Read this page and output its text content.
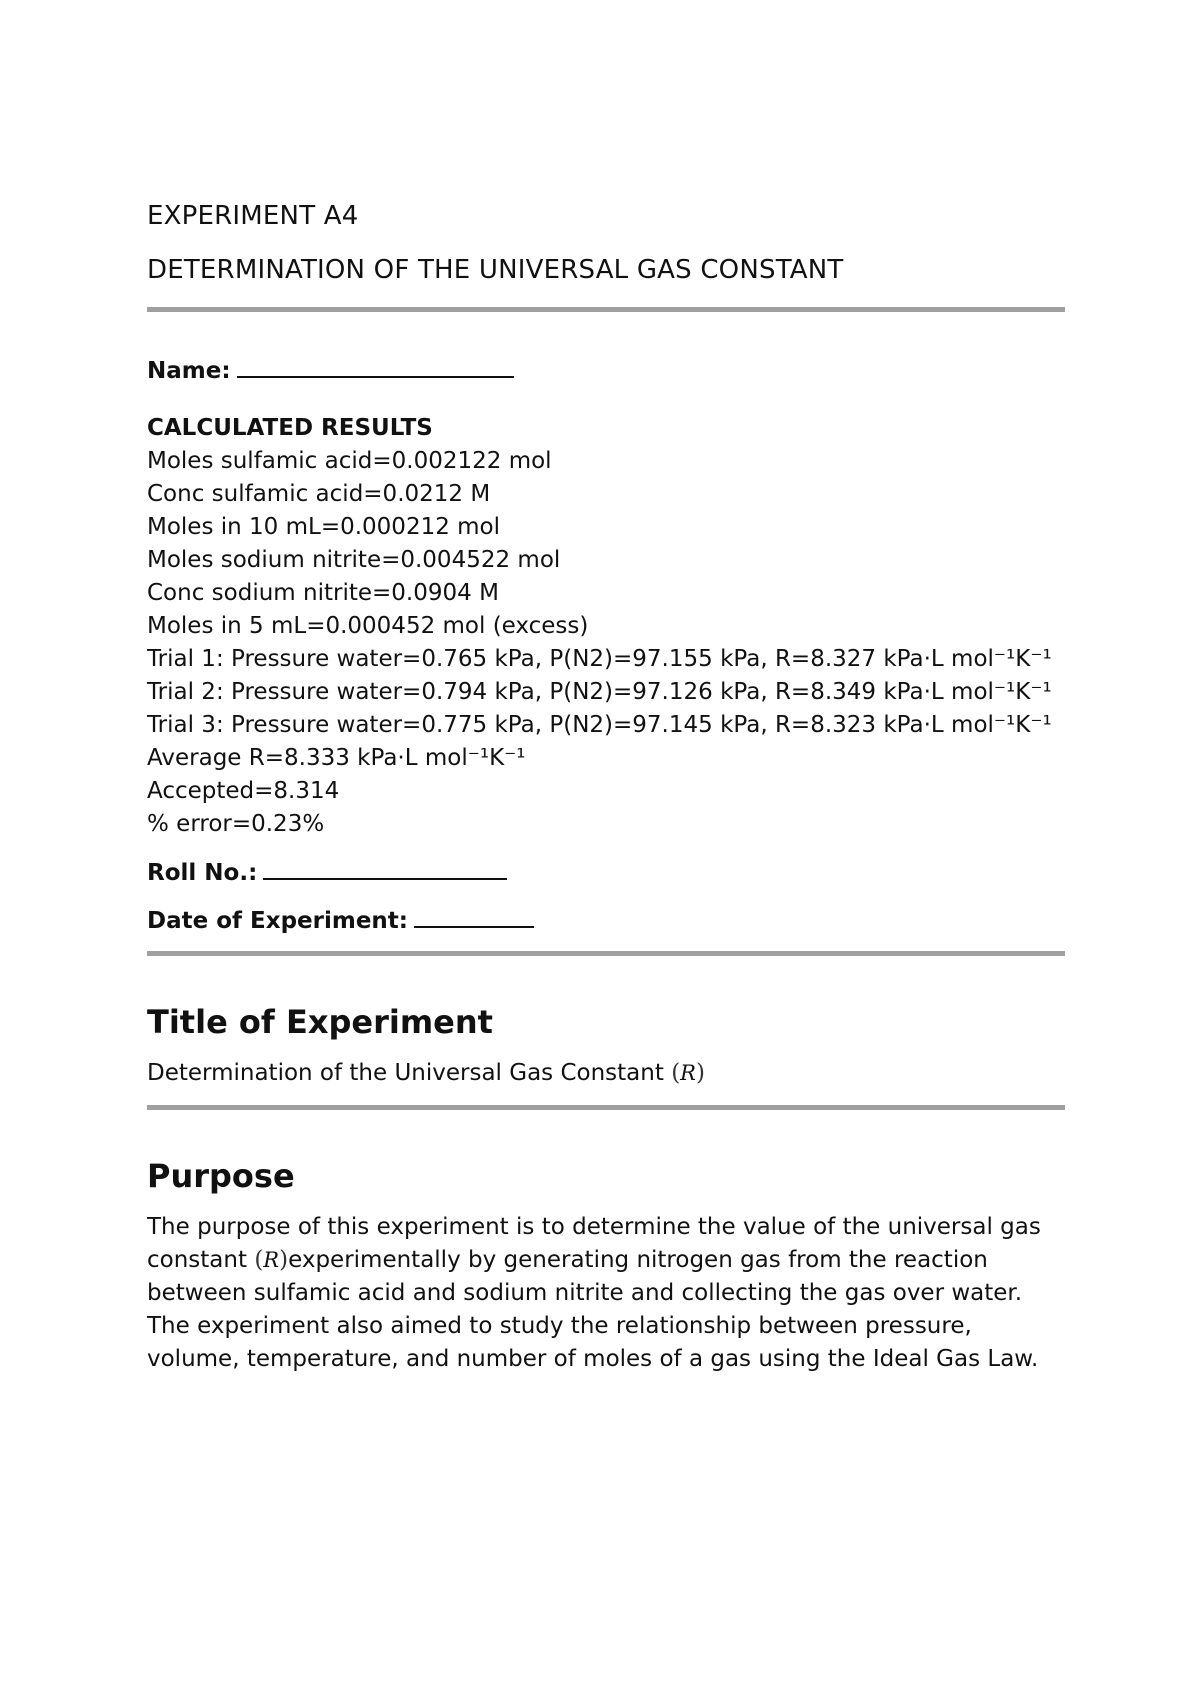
EXPERIMENT A4
DETERMINATION OF THE UNIVERSAL GAS CONSTANT
Name:
CALCULATED RESULTS
Moles sulfamic acid=0.002122 mol
Conc sulfamic acid=0.0212 M
Moles in 10 mL=0.000212 mol
Moles sodium nitrite=0.004522 mol
Conc sodium nitrite=0.0904 M
Moles in 5 mL=0.000452 mol (excess)
Trial 1: Pressure water=0.765 kPa, P(N2)=97.155 kPa, R=8.327 kPa·L mol⁻¹K⁻¹
Trial 2: Pressure water=0.794 kPa, P(N2)=97.126 kPa, R=8.349 kPa·L mol⁻¹K⁻¹
Trial 3: Pressure water=0.775 kPa, P(N2)=97.145 kPa, R=8.323 kPa·L mol⁻¹K⁻¹
Average R=8.333 kPa·L mol⁻¹K⁻¹
Accepted=8.314
% error=0.23%
Roll No.:
Date of Experiment:
Title of Experiment

Determination of the Universal Gas Constant (R)

Purpose

The purpose of this experiment is to determine the value of the universal gas constant (R)experimentally by generating nitrogen gas from the reaction between sulfamic acid and sodium nitrite and collecting the gas over water. The experiment also aimed to study the relationship between pressure, volume, temperature, and number of moles of a gas using the Ideal Gas Law.
